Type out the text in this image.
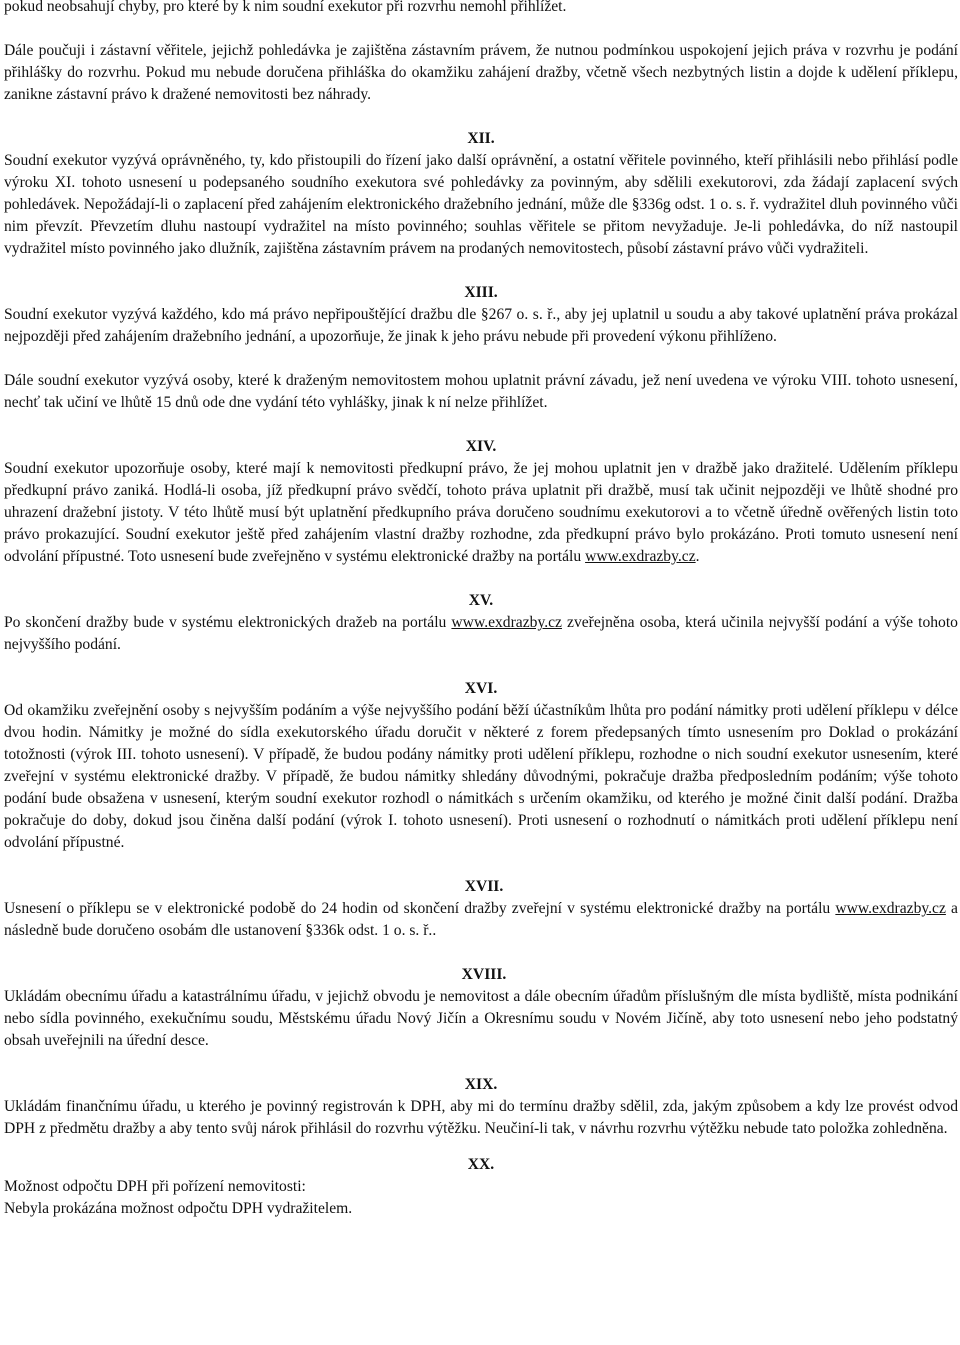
pokud neobsahují chyby, pro které by k nim soudní exekutor při rozvrhu nemohl přihlížet.

Dále poučuji i zástavní věřitele, jejichž pohledávka je zajištěna zástavním právem, že nutnou podmínkou uspokojení jejich práva v rozvrhu je podání přihlášky do rozvrhu. Pokud mu nebude doručena přihláška do okamžiku zahájení dražby, včetně všech nezbytných listin a dojde k udělení příklepu, zanikne zástavní právo k dražené nemovitosti bez náhrady.

XII.

Soudní exekutor vyzývá oprávněného, ty, kdo přistoupili do řízení jako další oprávnění, a ostatní věřitele povinného, kteří přihlásili nebo přihlásí podle výroku XI. tohoto usnesení u podepsaného soudního exekutora své pohledávky za povinným, aby sdělili exekutorovi, zda žádají zaplacení svých pohledávek. Nepožádají-li o zaplacení před zahájením elektronického dražebního jednání, může dle §336g odst. 1 o. s. ř. vydražitel dluh povinného vůči nim převzít. Převzetím dluhu nastoupí vydražitel na místo povinného; souhlas věřitele se přitom nevyžaduje. Je-li pohledávka, do níž nastoupil vydražitel místo povinného jako dlužník, zajištěna zástavním právem na prodaných nemovitostech, působí zástavní právo vůči vydražiteli.

XIII.

Soudní exekutor vyzývá každého, kdo má právo nepřipouštějící dražbu dle §267 o. s. ř., aby jej uplatnil u soudu a aby takové uplatnění práva prokázal nejpozději před zahájením dražebního jednání, a upozorňuje, že jinak k jeho právu nebude při provedení výkonu přihlíženo.

Dále soudní exekutor vyzývá osoby, které k draženým nemovitostem mohou uplatnit právní závadu, jež není uvedena ve výroku VIII. tohoto usnesení, nechť tak učiní ve lhůtě 15 dnů ode dne vydání této vyhlášky, jinak k ní nelze přihlížet.

XIV.

Soudní exekutor upozorňuje osoby, které mají k nemovitosti předkupní právo, že jej mohou uplatnit jen v dražbě jako dražitelé. Udělením příklepu předkupní právo zaniká. Hodlá-li osoba, jíž předkupní právo svědčí, tohoto práva uplatnit při dražbě, musí tak učinit nejpozději ve lhůtě shodné pro uhrazení dražební jistoty. V této lhůtě musí být uplatnění předkupního práva doručeno soudnímu exekutorovi a to včetně úředně ověřených listin toto právo prokazující. Soudní exekutor ještě před zahájením vlastní dražby rozhodne, zda předkupní právo bylo prokázáno. Proti tomuto usnesení není odvolání přípustné. Toto usnesení bude zveřejněno v systému elektronické dražby na portálu www.exdrazby.cz.

XV.

Po skončení dražby bude v systému elektronických dražeb na portálu www.exdrazby.cz zveřejněna osoba, která učinila nejvyšší podání a výše tohoto nejvyššího podání.

XVI.

Od okamžiku zveřejnění osoby s nejvyšším podáním a výše nejvyššího podání běží účastníkům lhůta pro podání námitky proti udělení příklepu v délce dvou hodin. Námitky je možné do sídla exekutorského úřadu doručit v některé z forem předepsaných tímto usnesením pro Doklad o prokázání totožnosti (výrok III. tohoto usnesení). V případě, že budou podány námitky proti udělení příklepu, rozhodne o nich soudní exekutor usnesením, které zveřejní v systému elektronické dražby. V případě, že budou námitky shledány důvodnými, pokračuje dražba předposledním podáním; výše tohoto podání bude obsažena v usnesení, kterým soudní exekutor rozhodl o námitkách s určením okamžiku, od kterého je možné činit další podání. Dražba pokračuje do doby, dokud jsou činěna další podání (výrok I. tohoto usnesení). Proti usnesení o rozhodnutí o námitkách proti udělení příklepu není odvolání přípustné.

XVII.

Usnesení o příklepu se v elektronické podobě do 24 hodin od skončení dražby zveřejní v systému elektronické dražby na portálu www.exdrazby.cz a následně bude doručeno osobám dle ustanovení §336k odst. 1 o. s. ř..

XVIII.

Ukládám obecnímu úřadu a katastrálnímu úřadu, v jejichž obvodu je nemovitost a dále obecním úřadům příslušným dle místa bydliště, místa podnikání nebo sídla povinného, exekučnímu soudu, Městskému úřadu Nový Jičín a Okresnímu soudu v Novém Jičíně, aby toto usnesení nebo jeho podstatný obsah uveřejnili na úřední desce.

XIX.

Ukládám finančnímu úřadu, u kterého je povinný registrován k DPH, aby mi do termínu dražby sdělil, zda, jakým způsobem a kdy lze provést odvod DPH z předmětu dražby a aby tento svůj nárok přihlásil do rozvrhu výtěžku. Neučiní-li tak, v návrhu rozvrhu výtěžku nebude tato položka zohledněna.

XX.

Možnost odpočtu DPH při pořízení nemovitosti:

Nebyla prokázána možnost odpočtu DPH vydražitelem.
